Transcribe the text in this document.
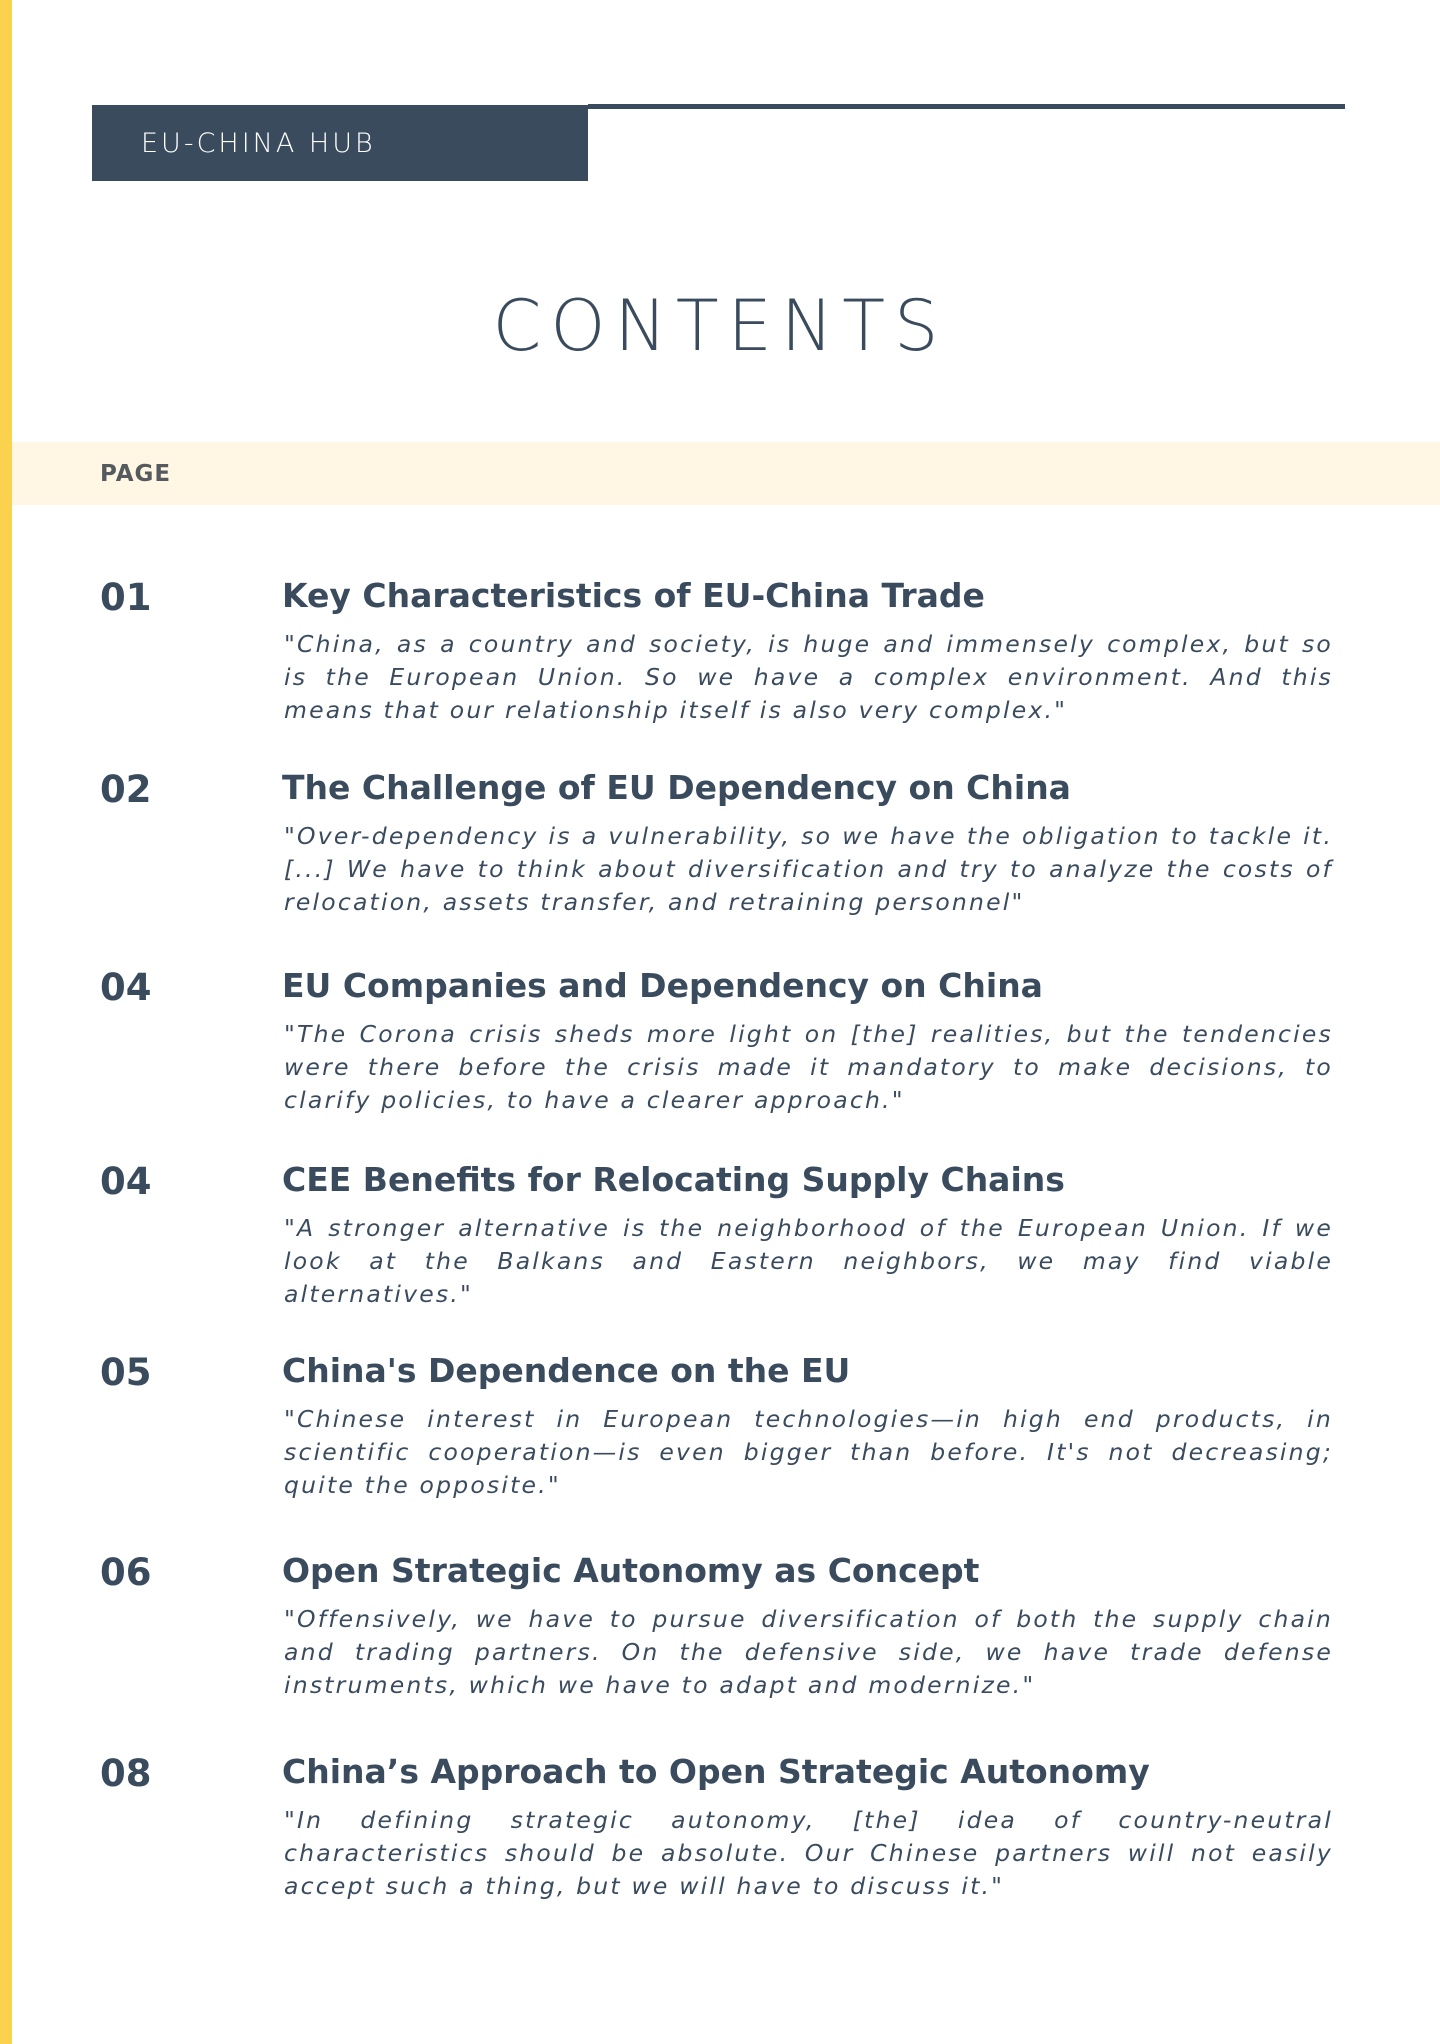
EU-CHINA HUB
CONTENTS
PAGE
01	Key Characteristics of EU-China Trade
"China, as a country and society, is huge and immensely complex, but so is the European Union. So we have a complex environment. And this means that our relationship itself is also very complex."
02	The Challenge of EU Dependency on China
"Over-dependency is a vulnerability, so we have the obligation to tackle it. [...] We have to think about diversification and try to analyze the costs of relocation, assets transfer, and retraining personnel"
04	EU Companies and Dependency on China
"The Corona crisis sheds more light on [the] realities, but the tendencies were there before the crisis made it mandatory to make decisions, to clarify policies, to have a clearer approach."
04	CEE Benefits for Relocating Supply Chains
"A stronger alternative is the neighborhood of the European Union. If we look at the Balkans and Eastern neighbors, we may find viable alternatives."
05	China's Dependence on the EU
"Chinese interest in European technologies—in high end products, in scientific cooperation—is even bigger than before. It's not decreasing; quite the opposite."
06	Open Strategic Autonomy as Concept
"Offensively, we have to pursue diversification of both the supply chain and trading partners. On the defensive side, we have trade defense instruments, which we have to adapt and modernize."
08	China’s Approach to Open Strategic Autonomy
"In defining strategic autonomy, [the] idea of country-neutral characteristics should be absolute. Our Chinese partners will not easily accept such a thing, but we will have to discuss it."
